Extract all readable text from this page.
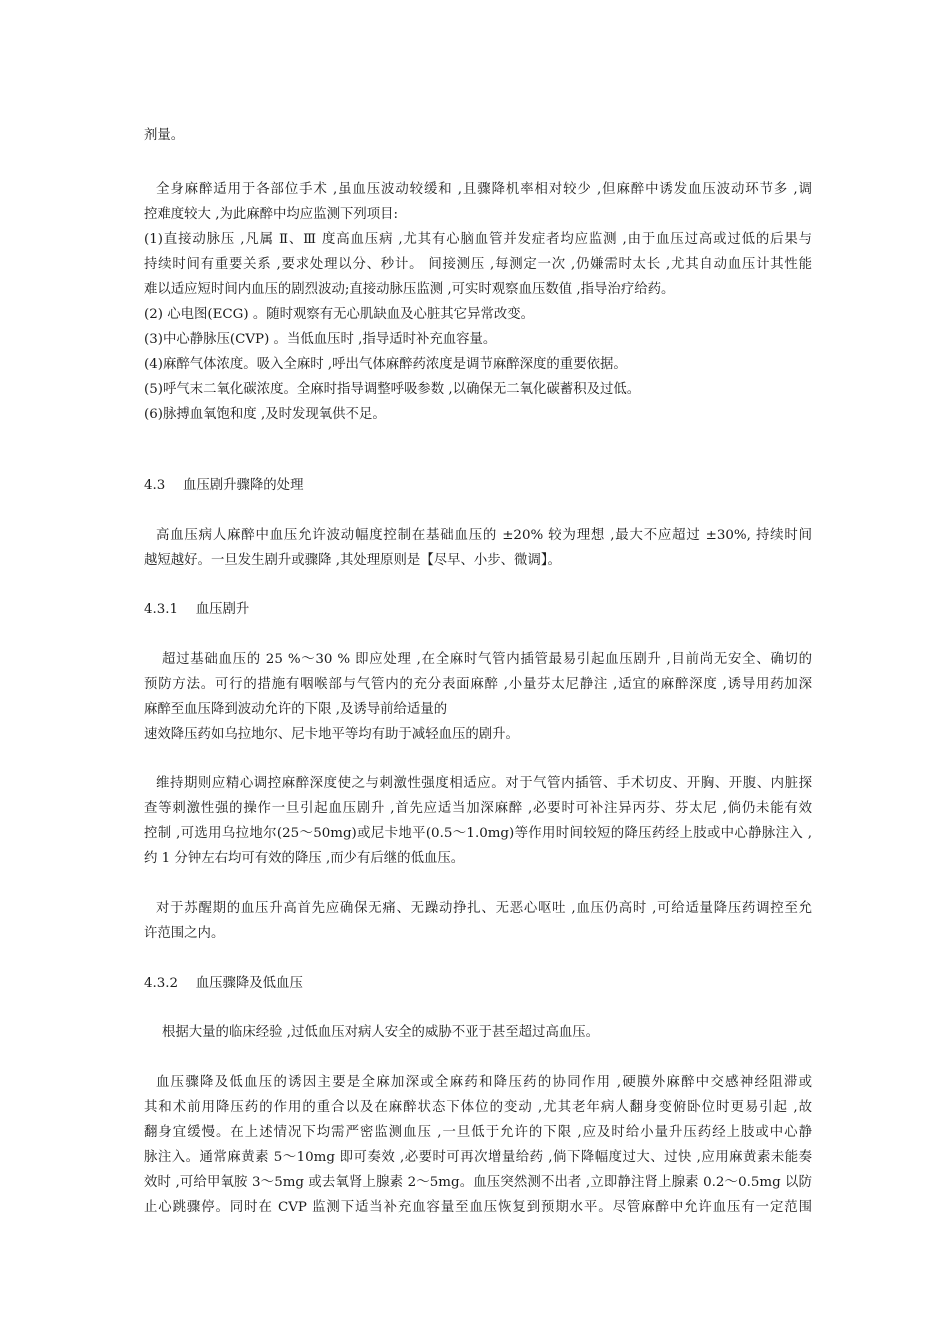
剂量。
全身麻醉适用于各部位手术 ,虽血压波动较缓和 ,且骤降机率相对较少 ,但麻醉中诱发血压波动环节多 ,调
控难度较大 ,为此麻醉中均应监测下列项目:
(1)直接动脉压 ,凡属 Ⅱ、Ⅲ 度高血压病 ,尤其有心脑血管并发症者均应监测 ,由于血压过高或过低的后果与
持续时间有重要关系 ,要求处理以分、秒计。 间接测压 ,每测定一次 ,仍嫌需时太长 ,尤其自动血压计其性能
难以适应短时间内血压的剧烈波动;直接动脉压监测 ,可实时观察血压数值 ,指导治疗给药。
(2) 心电图(ECG) 。随时观察有无心肌缺血及心脏其它异常改变。
(3)中心静脉压(CVP) 。当低血压时 ,指导适时补充血容量。
(4)麻醉气体浓度。吸入全麻时 ,呼出气体麻醉药浓度是调节麻醉深度的重要依据。
(5)呼气末二氧化碳浓度。全麻时指导调整呼吸参数 ,以确保无二氧化碳蓄积及过低。
(6)脉搏血氧饱和度 ,及时发现氧供不足。
4.3　 血压剧升骤降的处理
高血压病人麻醉中血压允许波动幅度控制在基础血压的 ±20% 较为理想 ,最大不应超过 ±30%, 持续时间
越短越好。一旦发生剧升或骤降 ,其处理原则是【尽早、小步、微调】。
4.3.1　 血压剧升
超过基础血压的 25 %～30 % 即应处理 ,在全麻时气管内插管最易引起血压剧升 ,目前尚无安全、确切的
预防方法。可行的措施有咽喉部与气管内的充分表面麻醉 ,小量芬太尼静注 ,适宜的麻醉深度 ,诱导用药加深
麻醉至血压降到波动允许的下限 ,及诱导前给适量的
速效降压药如乌拉地尔、尼卡地平等均有助于减轻血压的剧升。
维持期则应精心调控麻醉深度使之与刺激性强度相适应。对于气管内插管、手术切皮、开胸、开腹、内脏探
查等刺激性强的操作一旦引起血压剧升 ,首先应适当加深麻醉 ,必要时可补注异丙芬、芬太尼 ,倘仍未能有效
控制 ,可选用乌拉地尔(25～50mg)或尼卡地平(0.5～1.0mg)等作用时间较短的降压药经上肢或中心静脉注入 ,
约 1 分钟左右均可有效的降压 ,而少有后继的低血压。
对于苏醒期的血压升高首先应确保无痛、无躁动挣扎、无恶心呕吐 ,血压仍高时 ,可给适量降压药调控至允
许范围之内。
4.3.2　 血压骤降及低血压
根据大量的临床经验 ,过低血压对病人安全的威胁不亚于甚至超过高血压。
血压骤降及低血压的诱因主要是全麻加深或全麻药和降压药的协同作用 ,硬膜外麻醉中交感神经阻滞或
其和术前用降压药的作用的重合以及在麻醉状态下体位的变动 ,尤其老年病人翻身变俯卧位时更易引起 ,故
翻身宜缓慢。在上述情况下均需严密监测血压 ,一旦低于允许的下限 ,应及时给小量升压药经上肢或中心静
脉注入。通常麻黄素 5～10mg 即可奏效 ,必要时可再次增量给药 ,倘下降幅度过大、过快 ,应用麻黄素未能奏
效时 ,可给甲氧胺 3～5mg 或去氧肾上腺素 2～5mg。血压突然测不出者 ,立即静注肾上腺素 0.2～0.5mg 以防
止心跳骤停。同时在 CVP 监测下适当补充血容量至血压恢复到预期水平。尽管麻醉中允许血压有一定范围
